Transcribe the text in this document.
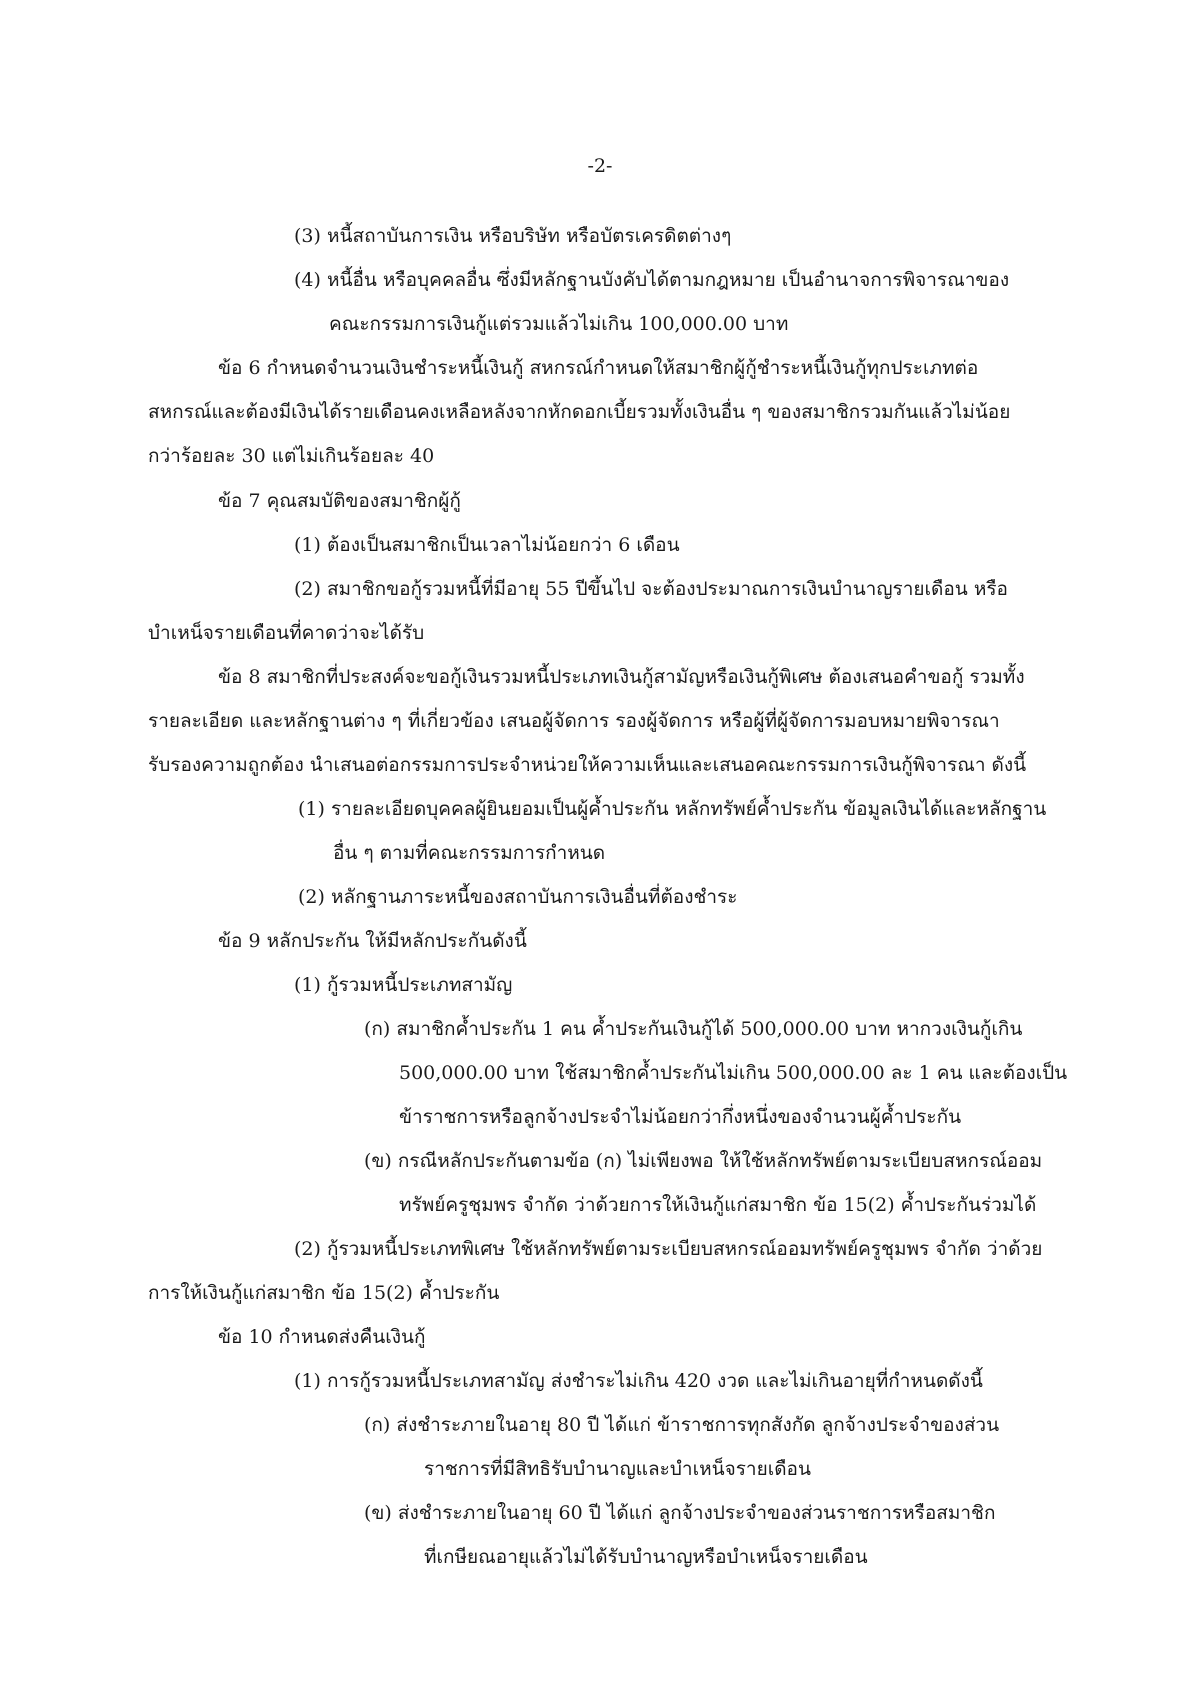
-2-
(3) หนี้สถาบันการเงิน หรือบริษัท หรือบัตรเครดิตต่างๆ
(4) หนี้อื่น หรือบุคคลอื่น ซึ่งมีหลักฐานบังคับได้ตามกฎหมาย เป็นอำนาจการพิจารณาของ
คณะกรรมการเงินกู้แต่รวมแล้วไม่เกิน 100,000.00 บาท
ข้อ 6 กำหนดจำนวนเงินชำระหนี้เงินกู้ สหกรณ์กำหนดให้สมาชิกผู้กู้ชำระหนี้เงินกู้ทุกประเภทต่อ
สหกรณ์และต้องมีเงินได้รายเดือนคงเหลือหลังจากหักดอกเบี้ยรวมทั้งเงินอื่น ๆ ของสมาชิกรวมกันแล้วไม่น้อย
กว่าร้อยละ 30 แต่ไม่เกินร้อยละ 40
ข้อ 7 คุณสมบัติของสมาชิกผู้กู้
(1) ต้องเป็นสมาชิกเป็นเวลาไม่น้อยกว่า 6 เดือน
(2) สมาชิกขอกู้รวมหนี้ที่มีอายุ 55 ปีขึ้นไป จะต้องประมาณการเงินบำนาญรายเดือน หรือ
บำเหน็จรายเดือนที่คาดว่าจะได้รับ
ข้อ 8 สมาชิกที่ประสงค์จะขอกู้เงินรวมหนี้ประเภทเงินกู้สามัญหรือเงินกู้พิเศษ ต้องเสนอคำขอกู้ รวมทั้ง
รายละเอียด และหลักฐานต่าง ๆ ที่เกี่ยวข้อง เสนอผู้จัดการ รองผู้จัดการ หรือผู้ที่ผู้จัดการมอบหมายพิจารณา
รับรองความถูกต้อง นำเสนอต่อกรรมการประจำหน่วยให้ความเห็นและเสนอคณะกรรมการเงินกู้พิจารณา ดังนี้
(1) รายละเอียดบุคคลผู้ยินยอมเป็นผู้ค้ำประกัน หลักทรัพย์ค้ำประกัน ข้อมูลเงินได้และหลักฐาน
อื่น ๆ ตามที่คณะกรรมการกำหนด
(2) หลักฐานภาระหนี้ของสถาบันการเงินอื่นที่ต้องชำระ
ข้อ 9 หลักประกัน ให้มีหลักประกันดังนี้
(1) กู้รวมหนี้ประเภทสามัญ
(ก) สมาชิกค้ำประกัน 1 คน ค้ำประกันเงินกู้ได้ 500,000.00 บาท หากวงเงินกู้เกิน
500,000.00 บาท ใช้สมาชิกค้ำประกันไม่เกิน 500,000.00 ละ 1 คน และต้องเป็น
ข้าราชการหรือลูกจ้างประจำไม่น้อยกว่ากึ่งหนึ่งของจำนวนผู้ค้ำประกัน
(ข) กรณีหลักประกันตามข้อ (ก) ไม่เพียงพอ ให้ใช้หลักทรัพย์ตามระเบียบสหกรณ์ออม
ทรัพย์ครูชุมพร จำกัด ว่าด้วยการให้เงินกู้แก่สมาชิก ข้อ 15(2) ค้ำประกันร่วมได้
(2) กู้รวมหนี้ประเภทพิเศษ ใช้หลักทรัพย์ตามระเบียบสหกรณ์ออมทรัพย์ครูชุมพร จำกัด ว่าด้วย
การให้เงินกู้แก่สมาชิก ข้อ 15(2) ค้ำประกัน
ข้อ 10 กำหนดส่งคืนเงินกู้
(1) การกู้รวมหนี้ประเภทสามัญ ส่งชำระไม่เกิน 420 งวด และไม่เกินอายุที่กำหนดดังนี้
(ก) ส่งชำระภายในอายุ 80 ปี ได้แก่ ข้าราชการทุกสังกัด ลูกจ้างประจำของส่วน
ราชการที่มีสิทธิรับบำนาญและบำเหน็จรายเดือน
(ข) ส่งชำระภายในอายุ 60 ปี ได้แก่ ลูกจ้างประจำของส่วนราชการหรือสมาชิก
ที่เกษียณอายุแล้วไม่ได้รับบำนาญหรือบำเหน็จรายเดือน
